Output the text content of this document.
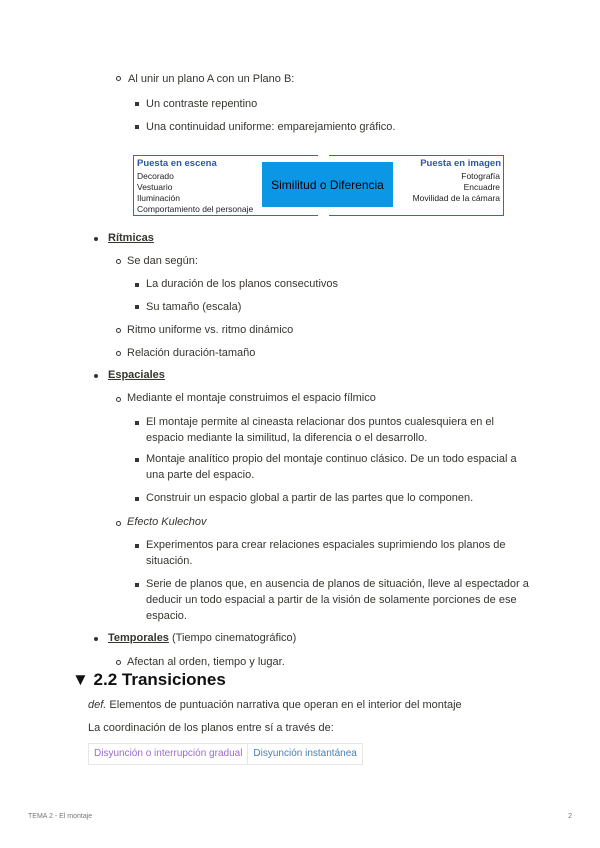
Al unir un plano A con un Plano B:
Un contraste repentino
Una continuidad uniforme: emparejamiento gráfico.
Puesta en escena
Decorado
Vestuario
Iluminación
Comportamiento del personaje
Puesta en imagen
Fotografía
Encuadre
Movilidad de la cámara
Similitud o Diferencia
Rítmicas
Se dan según:
La duración de los planos consecutivos
Su tamaño (escala)
Ritmo uniforme vs. ritmo dinámico
Relación duración-tamaño
Espaciales
Mediante el montaje construimos el espacio fílmico
El montaje permite al cineasta relacionar dos puntos cualesquiera en el
espacio mediante la similitud, la diferencia o el desarrollo.
Montaje analítico propio del montaje continuo clásico. De un todo espacial a
una parte del espacio.
Construir un espacio global a partir de las partes que lo componen.
Efecto Kulechov
Experimentos para crear relaciones espaciales suprimiendo los planos de
situación.
Serie de planos que, en ausencia de planos de situación, lleve al espectador a
deducir un todo espacial a partir de la visión de solamente porciones de ese
espacio.
Temporales (Tiempo cinematográfico)
Afectan al orden, tiempo y lugar.
▼ 2.2 Transiciones
def. Elementos de puntuación narrativa que operan en el interior del montaje
La coordinación de los planos entre sí a través de:
Disyunción o interrupción gradual	Disyunción instantánea
TEMA 2 - El montaje	2
